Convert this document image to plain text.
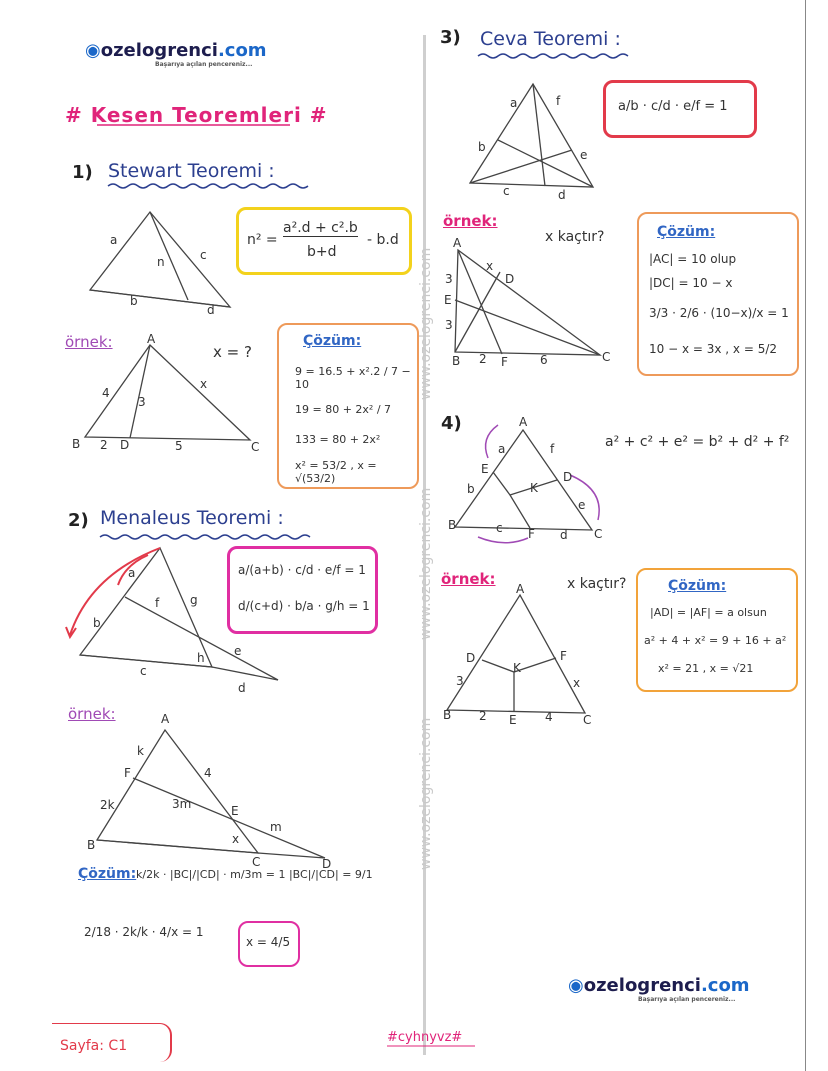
www.ozelogrenci.com
www.ozelogrenci.com
www.ozelogrenci.com
◉ozelogrenci.com
Başarıya açılan pencereniz...
◉ozelogrenci.com
Başarıya açılan pencereniz...
# Kesen Teoremleri #
1) Stewart Teoremi :
a
n	c
b
d
n² =
a².d + c².b
b+d
- b.d
örnek:
x = ?
A
B	C
D
4
3
x
2	5
Çözüm:
9 = 16.5 + x².2 / 7 − 10
19 = 80 + 2x² / 7
133 = 80 + 2x²
x² = 53/2 , x = √(53/2)
2) Menaleus Teoremi :
a
b
f	g
h e
c
d
a/(a+b) · c/d · e/f = 1
d/(c+d) · b/a · g/h = 1
örnek:	A
k
F	4
2k	3m	E
m
x
B
C	D
Çözüm: k/2k · |BC|/|CD| · m/3m = 1 |BC|/|CD| = 9/1
2/18 · 2k/k · 4/x = 1
x = 4/5
3) Ceva Teoremi :
a	f
b
e
c	d
a/b · c/d · e/f = 1
örnek:
x kaçtır?
A
x
D
3
E
3
B 2 F	6	C
Çözüm:
|AC| = 10 olup
|DC| = 10 − x
3/3 · 2/6 · (10−x)/x = 1
10 − x = 3x , x = 5/2
4)
a² + c² + e² = b² + d² + f²
A
a	f
E
D
b	K
e
B	c F d C
örnek:	x kaçtır?
A
D	F
3
K
x
B 2 E 4	C
Çözüm:
|AD| = |AF| = a olsun
a² + 4 + x² = 9 + 16 + a²
x² = 21 , x = √21
Sayfa: C1
#cyhnyvz#
